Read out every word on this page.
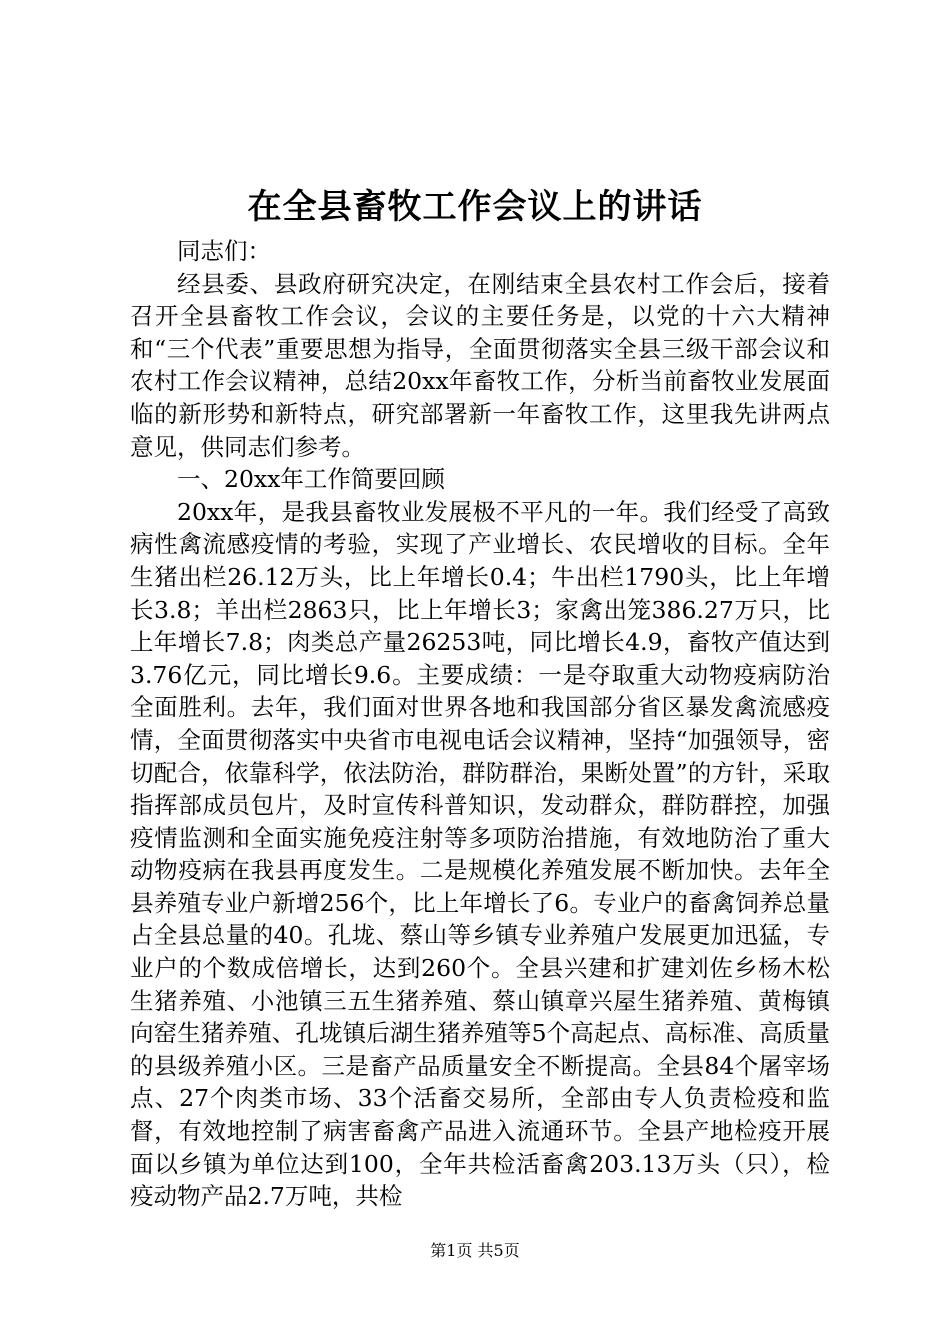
在全县畜牧工作会议上的讲话

同志们：

经县委、县政府研究决定，在刚结束全县农村工作会后，接着召开全县畜牧工作会议，会议的主要任务是，以党的十六大精神和“三个代表”重要思想为指导，全面贯彻落实全县三级干部会议和农村工作会议精神，总结20xx年畜牧工作，分析当前畜牧业发展面临的新形势和新特点，研究部署新一年畜牧工作，这里我先讲两点意见，供同志们参考。

一、20xx年工作简要回顾

20xx年，是我县畜牧业发展极不平凡的一年。我们经受了高致病性禽流感疫情的考验，实现了产业增长、农民增收的目标。全年生猪出栏26.12万头，比上年增长0.4；牛出栏1790头，比上年增长3.8；羊出栏2863只，比上年增长3；家禽出笼386.27万只，比上年增长7.8；肉类总产量26253吨，同比增长4.9，畜牧产值达到3.76亿元，同比增长9.6。主要成绩：一是夺取重大动物疫病防治全面胜利。去年，我们面对世界各地和我国部分省区暴发禽流感疫情，全面贯彻落实中央省市电视电话会议精神，坚持“加强领导，密切配合，依靠科学，依法防治，群防群治，果断处置”的方针，采取指挥部成员包片，及时宣传科普知识，发动群众，群防群控，加强疫情监测和全面实施免疫注射等多项防治措施，有效地防治了重大动物疫病在我县再度发生。二是规模化养殖发展不断加快。去年全县养殖专业户新增256个，比上年增长了6。专业户的畜禽饲养总量占全县总量的40。孔垅、蔡山等乡镇专业养殖户发展更加迅猛，专业户的个数成倍增长，达到260个。全县兴建和扩建刘佐乡杨木松生猪养殖、小池镇三五生猪养殖、蔡山镇章兴屋生猪养殖、黄梅镇向窑生猪养殖、孔垅镇后湖生猪养殖等5个高起点、高标准、高质量的县级养殖小区。三是畜产品质量安全不断提高。全县84个屠宰场点、27个肉类市场、33个活畜交易所，全部由专人负责检疫和监督，有效地控制了病害畜禽产品进入流通环节。全县产地检疫开展面以乡镇为单位达到100，全年共检活畜禽203.13万头（只），检疫动物产品2.7万吨，共检

第1页 共5页
